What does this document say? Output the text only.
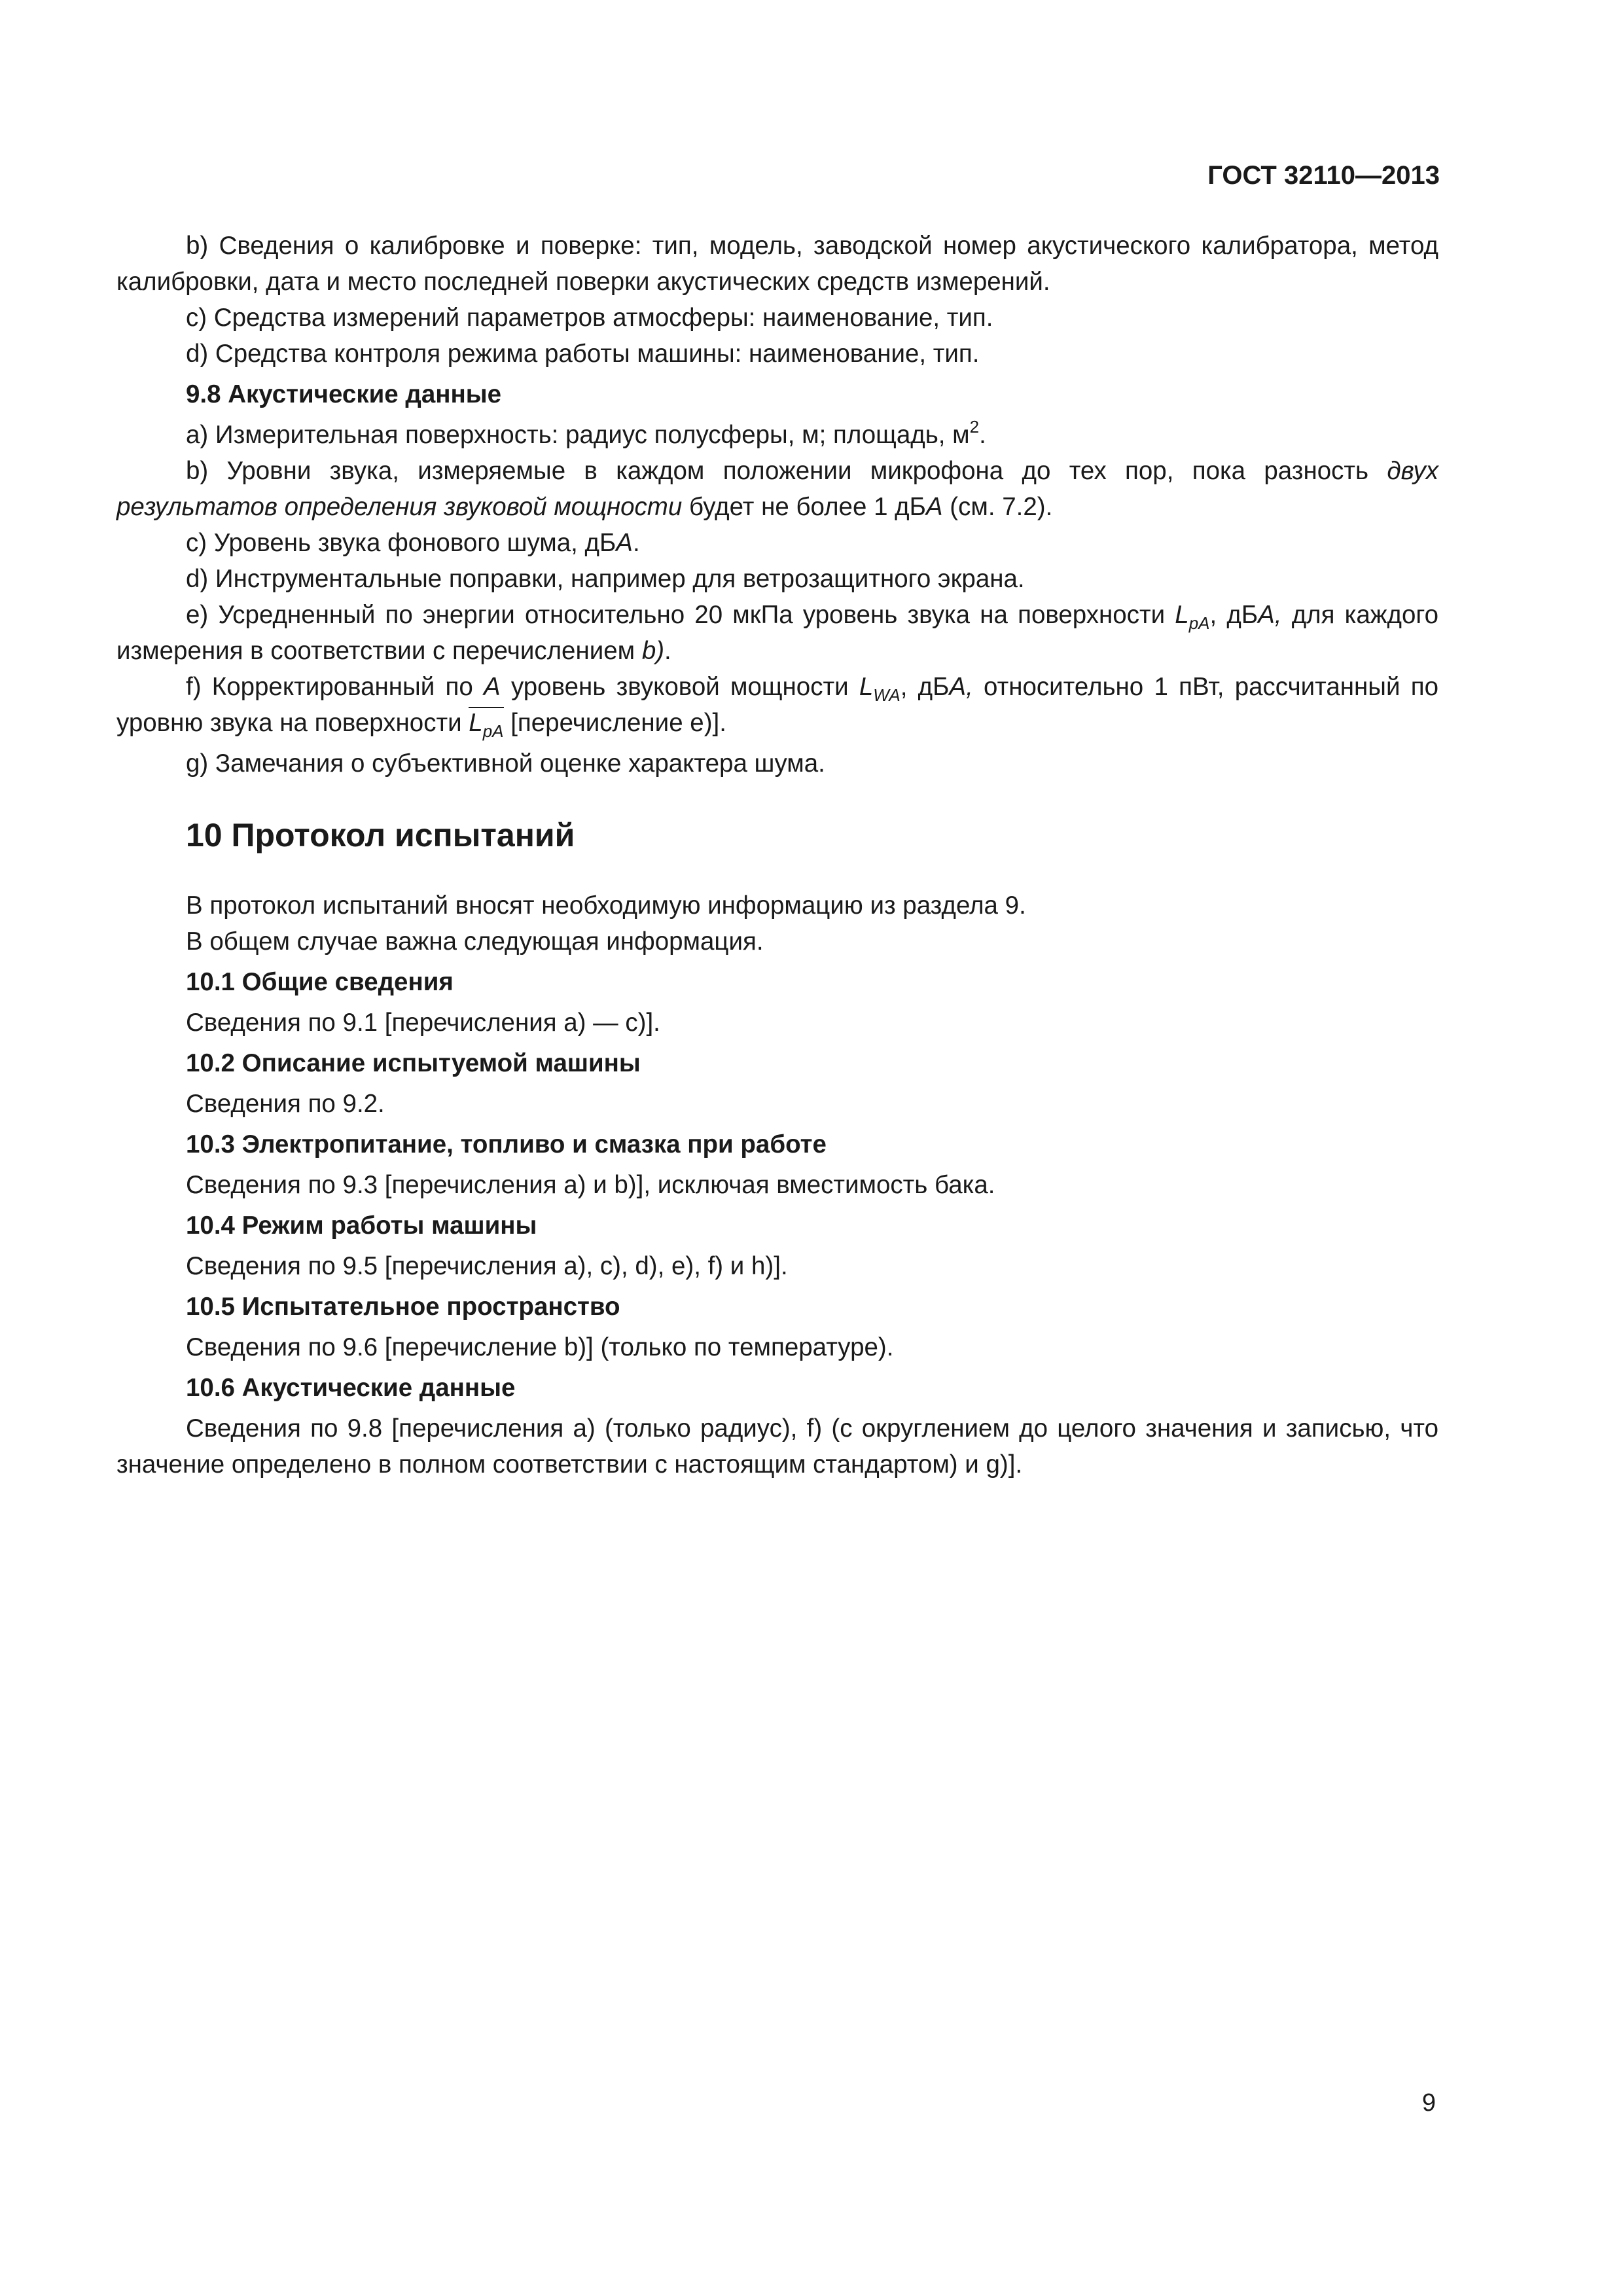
ГОСТ 32110—2013

b) Сведения о калибровке и поверке: тип, модель, заводской номер акустического калибратора, метод калибровки, дата и место последней поверки акустических средств измерений.

c) Средства измерений параметров атмосферы: наименование, тип.

d) Средства контроля режима работы машины: наименование, тип.

9.8 Акустические данные

a) Измерительная поверхность: радиус полусферы, м; площадь, $м^2$.

b) Уровни звука, измеряемые в каждом положении микрофона до тех пор, пока разность двух результатов определения звуковой мощности будет не более 1 дБA (см. 7.2).

c) Уровень звука фонового шума, дБA.

d) Инструментальные поправки, например для ветрозащитного экрана.

e) Усредненный по энергии относительно 20 мкПа уровень звука на поверхности $L_{pA}$, дБA, для каждого измерения в соответствии с перечислением b).

f) Корректированный по A уровень звуковой мощности $L_{WA}$, дБA, относительно 1 пВт, рассчитанный по уровню звука на поверхности $L_{pA}$ [перечисление e)].

g) Замечания о субъективной оценке характера шума.

10 Протокол испытаний

В протокол испытаний вносят необходимую информацию из раздела 9.

В общем случае важна следующая информация.

10.1 Общие сведения

Сведения по 9.1 [перечисления a) — c)].

10.2 Описание испытуемой машины

Сведения по 9.2.

10.3 Электропитание, топливо и смазка при работе

Сведения по 9.3 [перечисления a) и b)], исключая вместимость бака.

10.4 Режим работы машины

Сведения по 9.5 [перечисления a), c), d), e), f) и h)].

10.5 Испытательное пространство

Сведения по 9.6 [перечисление b)] (только по температуре).

10.6 Акустические данные

Сведения по 9.8 [перечисления a) (только радиус), f) (с округлением до целого значения и записью, что значение определено в полном соответствии с настоящим стандартом) и g)].

9
